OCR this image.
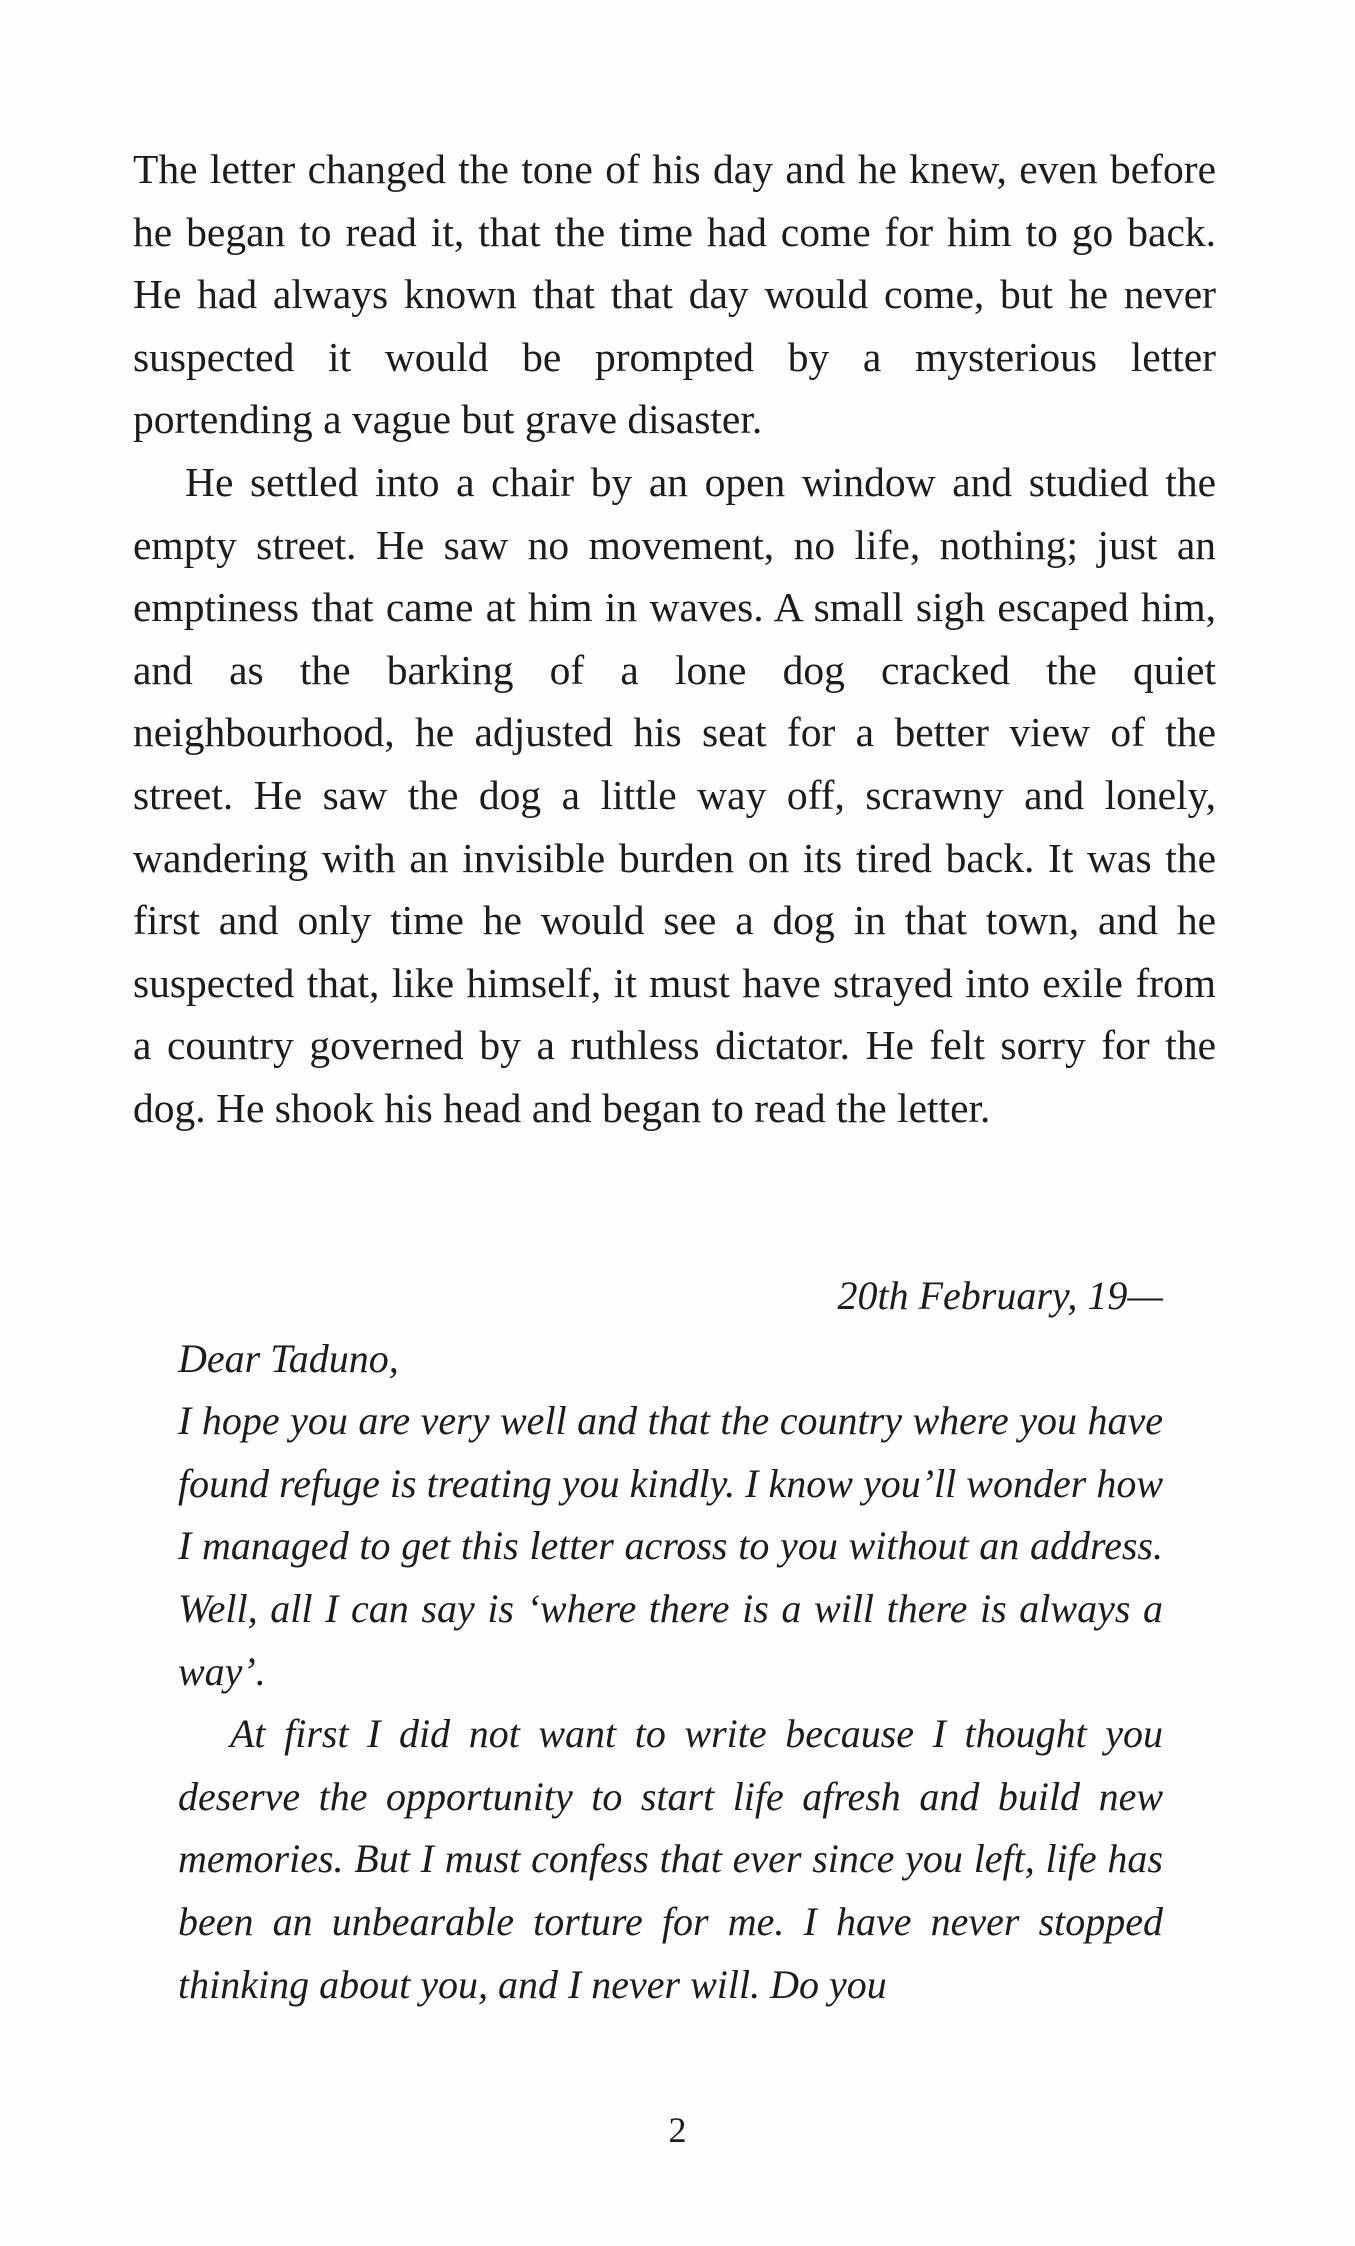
The letter changed the tone of his day and he knew, even before he began to read it, that the time had come for him to go back. He had always known that that day would come, but he never suspected it would be prompted by a mysterious letter portending a vague but grave disaster.

He settled into a chair by an open window and studied the empty street. He saw no movement, no life, nothing; just an emptiness that came at him in waves. A small sigh escaped him, and as the barking of a lone dog cracked the quiet neighbourhood, he adjusted his seat for a better view of the street. He saw the dog a little way off, scrawny and lonely, wandering with an invisible burden on its tired back. It was the first and only time he would see a dog in that town, and he suspected that, like himself, it must have strayed into exile from a country governed by a ruthless dictator. He felt sorry for the dog. He shook his head and began to read the letter.

20th February, 19—
Dear Taduno,

I hope you are very well and that the country where you have found refuge is treating you kindly. I know you’ll wonder how I managed to get this letter across to you without an address. Well, all I can say is ‘where there is a will there is always a way’.

At first I did not want to write because I thought you deserve the opportunity to start life afresh and build new memories. But I must confess that ever since you left, life has been an unbearable torture for me. I have never stopped thinking about you, and I never will. Do you

2
